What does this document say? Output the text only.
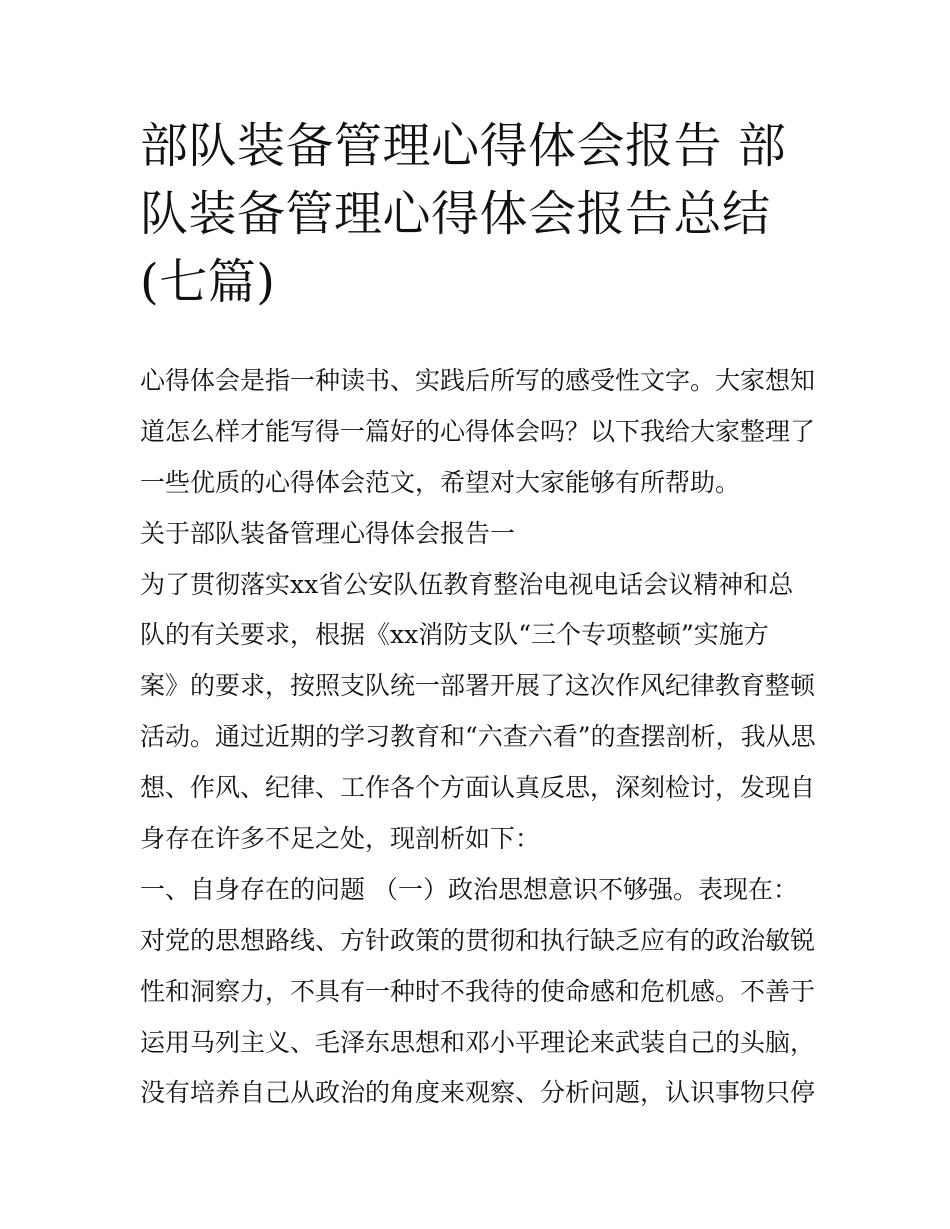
部队装备管理心得体会报告 部
队装备管理心得体会报告总结
(七篇)
心得体会是指一种读书、实践后所写的感受性文字。大家想知
道怎么样才能写得一篇好的心得体会吗？以下我给大家整理了
一些优质的心得体会范文，希望对大家能够有所帮助。
关于部队装备管理心得体会报告一
为了贯彻落实xx省公安队伍教育整治电视电话会议精神和总
队的有关要求，根据《xx消防支队“三个专项整顿”实施方
案》的要求，按照支队统一部署开展了这次作风纪律教育整顿
活动。通过近期的学习教育和“六查六看”的查摆剖析，我从思
想、作风、纪律、工作各个方面认真反思，深刻检讨，发现自
身存在许多不足之处，现剖析如下：
一、自身存在的问题 （一）政治思想意识不够强。表现在：
对党的思想路线、方针政策的贯彻和执行缺乏应有的政治敏锐
性和洞察力，不具有一种时不我待的使命感和危机感。不善于
运用马列主义、毛泽东思想和邓小平理论来武装自己的头脑，
没有培养自己从政治的角度来观察、分析问题，认识事物只停
